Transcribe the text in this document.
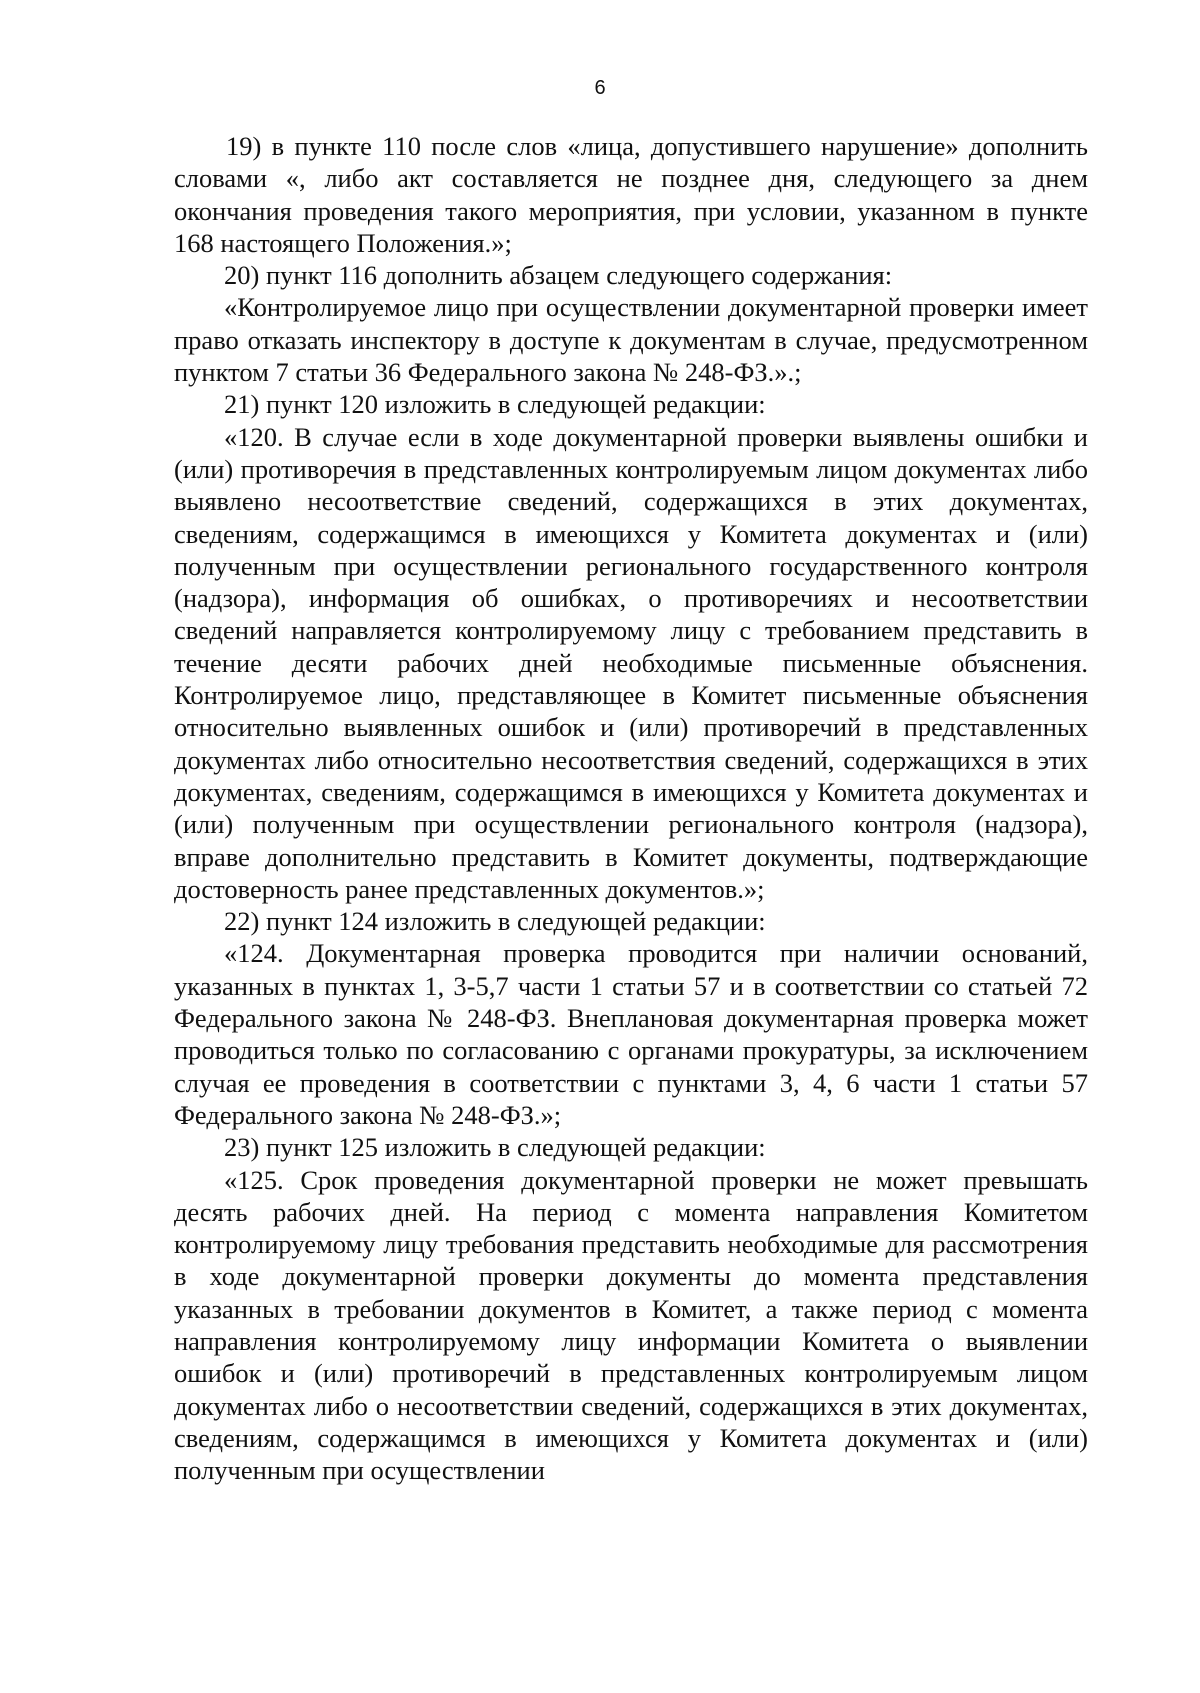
6

19) в пункте 110 после слов «лица, допустившего нарушение» дополнить словами «, либо акт составляется не позднее дня, следующего за днем окончания проведения такого мероприятия, при условии, указанном в пункте 168 настоящего Положения.»;

20) пункт 116 дополнить абзацем следующего содержания:

«Контролируемое лицо при осуществлении документарной проверки имеет право отказать инспектору в доступе к документам в случае, предусмотренном пунктом 7 статьи 36 Федерального закона № 248-ФЗ.».;

21) пункт 120 изложить в следующей редакции:

«120. В случае если в ходе документарной проверки выявлены ошибки и (или) противоречия в представленных контролируемым лицом документах либо выявлено несоответствие сведений, содержащихся в этих документах, сведениям, содержащимся в имеющихся у Комитета документах и (или) полученным при осуществлении регионального государственного контроля (надзора), информация об ошибках, о противоречиях и несоответствии сведений направляется контролируемому лицу с требованием представить в течение десяти рабочих дней необходимые письменные объяснения. Контролируемое лицо, представляющее в Комитет письменные объяснения относительно выявленных ошибок и (или) противоречий в представленных документах либо относительно несоответствия сведений, содержащихся в этих документах, сведениям, содержащимся в имеющихся у Комитета документах и (или) полученным при осуществлении регионального контроля (надзора), вправе дополнительно представить в Комитет документы, подтверждающие достоверность ранее представленных документов.»;

22) пункт 124 изложить в следующей редакции:

«124. Документарная проверка проводится при наличии оснований, указанных в пунктах 1, 3-5,7 части 1 статьи 57 и в соответствии со статьей 72 Федерального закона № 248-ФЗ. Внеплановая документарная проверка может проводиться только по согласованию с органами прокуратуры, за исключением случая ее проведения в соответствии с пунктами 3, 4, 6 части 1 статьи 57 Федерального закона № 248-ФЗ.»;

23) пункт 125 изложить в следующей редакции:

«125. Срок проведения документарной проверки не может превышать десять рабочих дней. На период с момента направления Комитетом контролируемому лицу требования представить необходимые для рассмотрения в ходе документарной проверки документы до момента представления указанных в требовании документов в Комитет, а также период с момента направления контролируемому лицу информации Комитета о выявлении ошибок и (или) противоречий в представленных контролируемым лицом документах либо о несоответствии сведений, содержащихся в этих документах, сведениям, содержащимся в имеющихся у Комитета документах и (или) полученным при осуществлении
